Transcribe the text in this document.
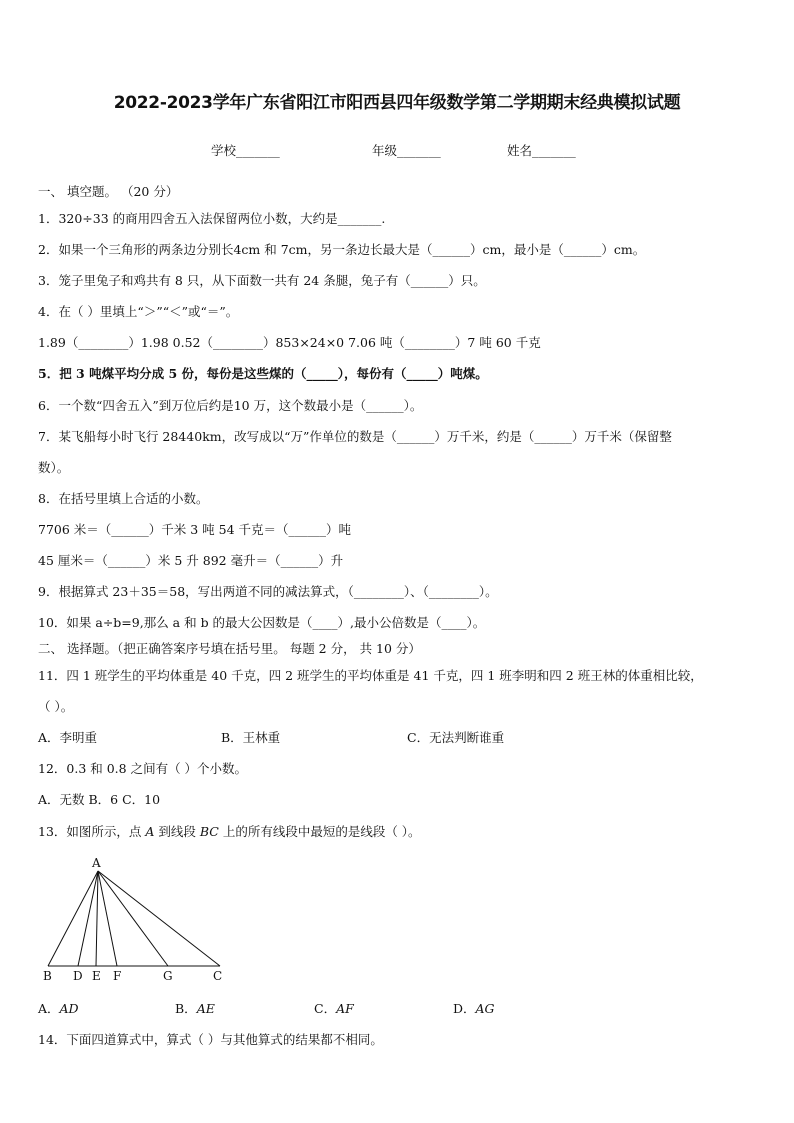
2022-2023学年广东省阳江市阳西县四年级数学第二学期期末经典模拟试题
学校_______	年级_______	姓名_______
一、 填空题。 （20 分）
1．320÷33 的商用四舍五入法保留两位小数，大约是_______.
2．如果一个三角形的两条边分别长4cm 和 7cm，另一条边长最大是（______）cm，最小是（______）cm。
3．笼子里兔子和鸡共有 8 只，从下面数一共有 24 条腿，兔子有（______）只。
4．在（ ）里填上“＞”“＜”或“＝”。
1.89（________）1.98 0.52（________）853×24×0 7.06 吨（________）7 吨 60 千克
5．把 3 吨煤平均分成 5 份，每份是这些煤的（_____），每份有（_____）吨煤。
6．一个数“四舍五入”到万位后约是10 万，这个数最小是（______）。
7．某飞船每小时飞行 28440km，改写成以“万”作单位的数是（______）万千米，约是（______）万千米（保留整
数）。
8．在括号里填上合适的小数。
7706 米＝（______）千米 3 吨 54 千克＝（______）吨
45 厘米＝（______）米 5 升 892 毫升＝（______）升
9．根据算式 23＋35＝58，写出两道不同的减法算式，（________）、（________）。
10．如果 a÷b=9,那么 a 和 b 的最大公因数是（____）,最小公倍数是（____）。
二、 选择题。（把正确答案序号填在括号里。 每题 2 分， 共 10 分）
11．四 1 班学生的平均体重是 40 千克，四 2 班学生的平均体重是 41 千克，四 1 班李明和四 2 班王林的体重相比较，
（ ）。
A．李明重	B．王林重	C．无法判断谁重
12．0.3 和 0.8 之间有（ ）个小数。
A．无数 B．6 C．10
13．如图所示，点 A 到线段 BC 上的所有线段中最短的是线段（ ）。
A
B D E F	G	C
A．AD	B．AE	C．AF	D．AG
14．下面四道算式中，算式（ ）与其他算式的结果都不相同。
